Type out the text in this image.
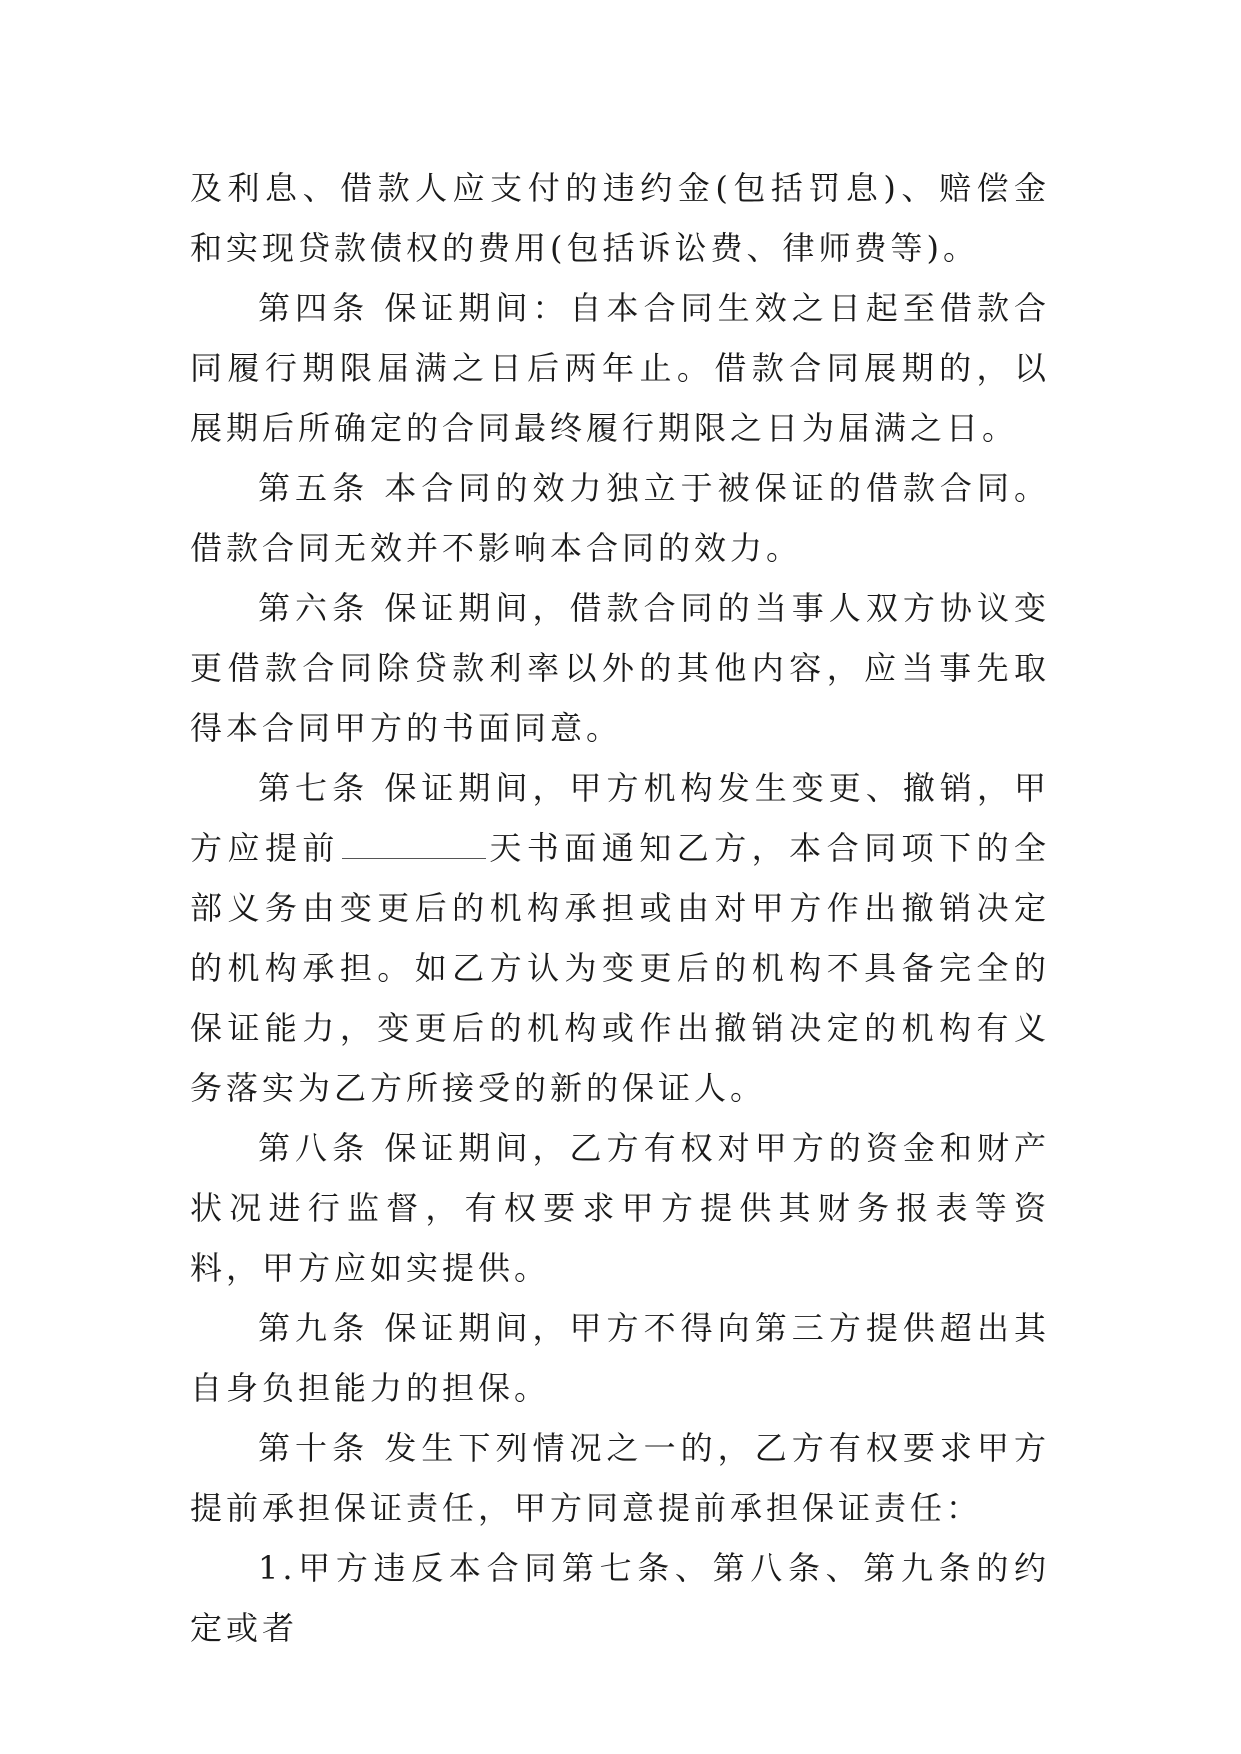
及利息、借款人应支付的违约金(包括罚息)、赔偿金和实现贷款债权的费用(包括诉讼费、律师费等)。

第四条 保证期间：自本合同生效之日起至借款合同履行期限届满之日后两年止。借款合同展期的，以展期后所确定的合同最终履行期限之日为届满之日。

第五条 本合同的效力独立于被保证的借款合同。借款合同无效并不影响本合同的效力。

第六条 保证期间，借款合同的当事人双方协议变更借款合同除贷款利率以外的其他内容，应当事先取得本合同甲方的书面同意。

第七条 保证期间，甲方机构发生变更、撤销，甲方应提前	天书面通知乙方，本合同项下的全部义务由变更后的机构承担或由对甲方作出撤销决定 的机构承担。如乙方认为变更后的机构不具备完全的保证能力，变更后的机构或作出撤销决定的机构有义务落实为乙方所接受的新的保证人。

第八条 保证期间，乙方有权对甲方的资金和财产状况进行监督，有权要求甲方提供其财务报表等资料，甲方应如实提供。

第九条 保证期间，甲方不得向第三方提供超出其自身负担能力的担保。

第十条 发生下列情况之一的，乙方有权要求甲方提前承担保证责任，甲方同意提前承担保证责任：

1.甲方违反本合同第七条、第八条、第九条的约定或者
